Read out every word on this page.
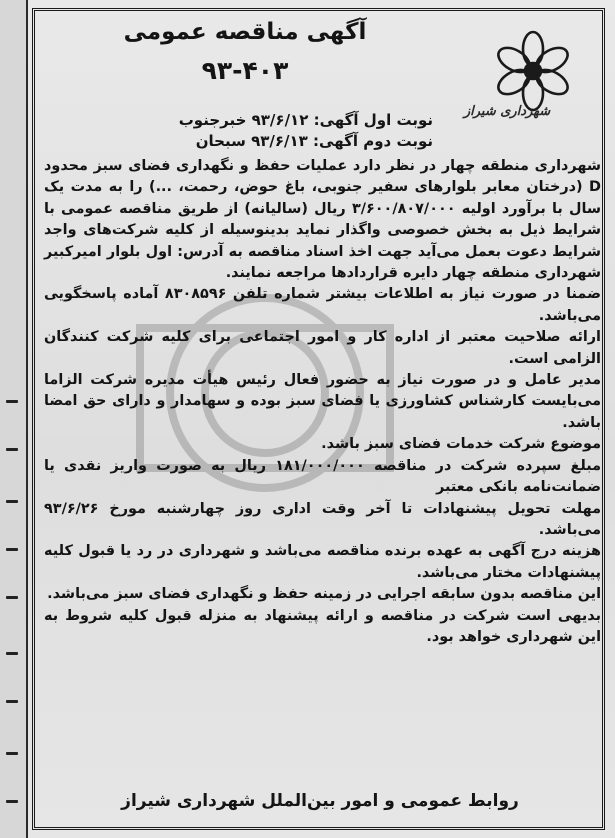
شهرداری شیراز
آگهی مناقصه عمومی
۹۳-۴۰۳
نوبت اول آگهی: ۹۳/۶/۱۲ خبرجنوب
نوبت دوم آگهی: ۹۳/۶/۱۳ سبحان

شهرداری منطقه چهار در نظر دارد عملیات حفظ و نگهداری فضای سبز محدود D (درختان معابر بلوارهای سفیر جنوبی، باغ حوض، رحمت، ...) را به مدت یک سال با برآورد اولیه ۳/۶۰۰/۸۰۷/۰۰۰ ریال (سالیانه) از طریق مناقصه عمومی با شرایط ذیل به بخش خصوصی واگذار نماید بدینوسیله از کلیه شرکت‌های واجد شرایط دعوت بعمل می‌آید جهت اخذ اسناد مناقصه به آدرس: اول بلوار امیرکبیر شهرداری منطقه چهار دایره قراردادها مراجعه نمایند.

ضمنا در صورت نیاز به اطلاعات بیشتر شماره تلفن ۸۳۰۸۵۹۶ آماده پاسخگویی می‌باشد.

ارائه صلاحیت معتبر از اداره کار و امور اجتماعی برای کلیه شرکت کنندگان الزامی است.

مدیر عامل و در صورت نیاز به حضور فعال رئیس هیأت مدیره شرکت الزاما می‌بایست کارشناس کشاورزی یا فضای سبز بوده و سهامدار و دارای حق امضا باشد.

موضوع شرکت خدمات فضای سبز باشد.

مبلغ سپرده شرکت در مناقصه ۱۸۱/۰۰۰/۰۰۰ ریال به صورت واریز نقدی یا ضمانت‌نامه بانکی معتبر

مهلت تحویل پیشنهادات تا آخر وقت اداری روز چهارشنبه مورخ ۹۳/۶/۲۶ می‌باشد.

هزینه درج آگهی به عهده برنده مناقصه می‌باشد و شهرداری در رد یا قبول کلیه پیشنهادات مختار می‌باشد.

این مناقصه بدون سابقه اجرایی در زمینه حفظ و نگهداری فضای سبز می‌باشد.

بدیهی است شرکت در مناقصه و ارائه پیشنهاد به منزله قبول کلیه شروط به این شهرداری خواهد بود.

روابط عمومی و امور بین‌الملل شهرداری شیراز
